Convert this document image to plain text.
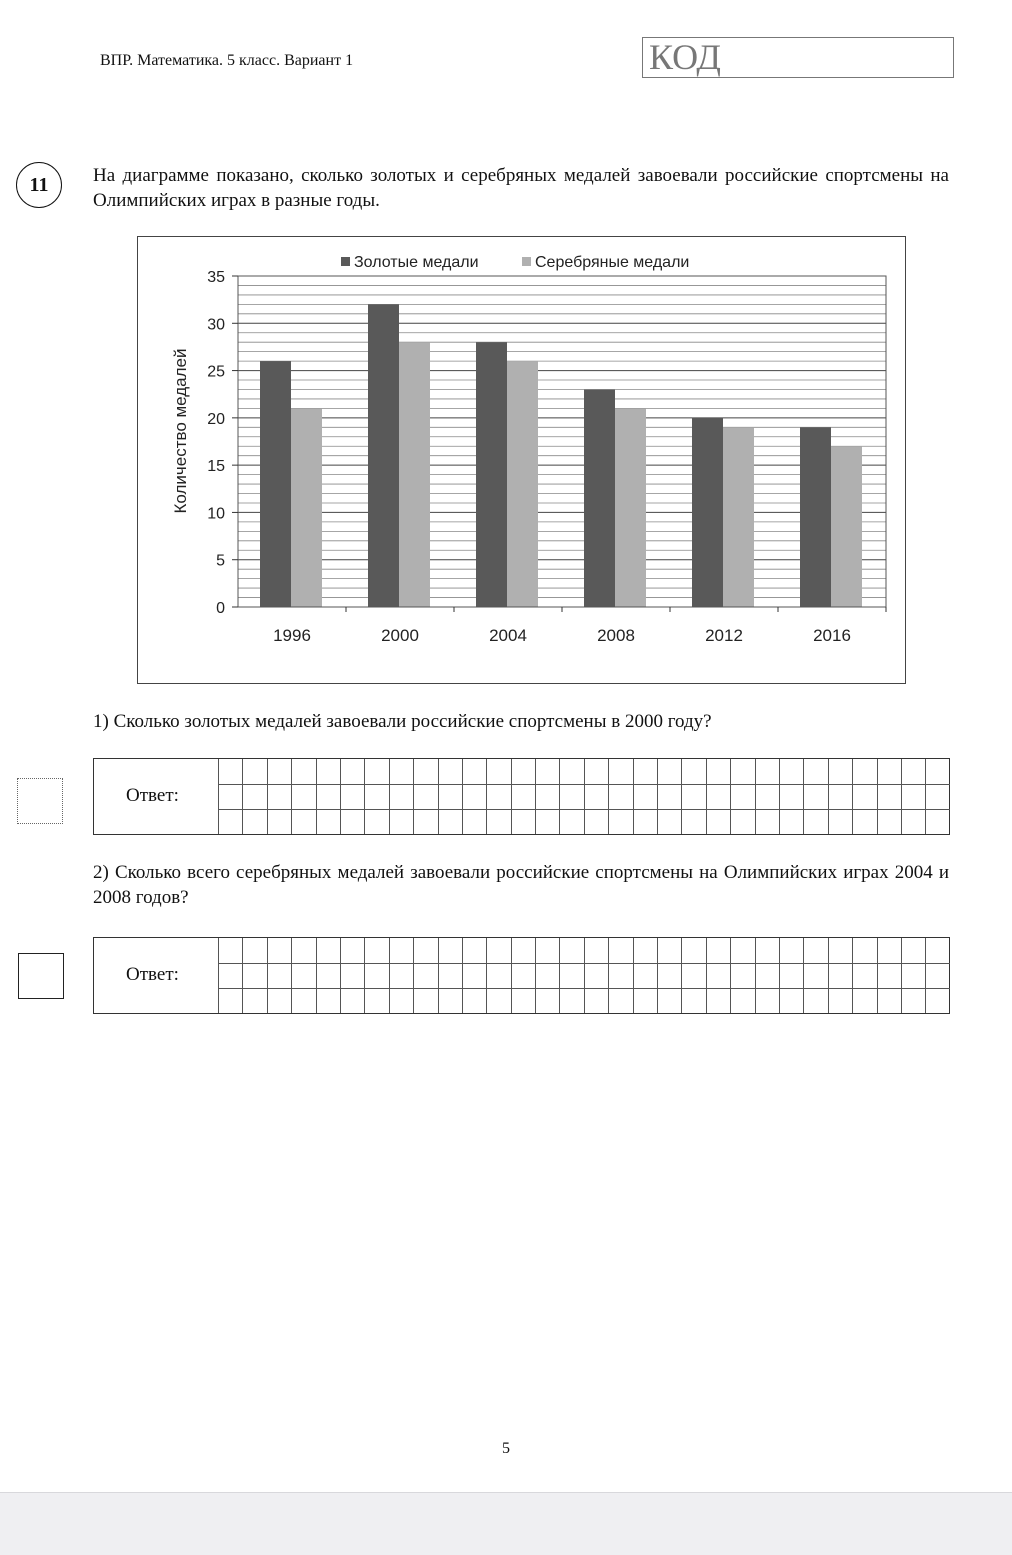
ВПР. Математика. 5 класс. Вариант 1	КОД
11	На диаграмме показано, сколько золотых и серебряных медалей завоевали российские спортсмены на Олимпийских играх в разные годы.
0
5
10
15
20
25
30
35
1996	2000	2004	2008	2012	2016
Золотые медали	Серебряные медали
Количество медалей
1) Сколько золотых медалей завоевали российские спортсмены в 2000 году?
Ответ:
2) Сколько всего серебряных медалей завоевали российские спортсмены на Олимпийских играх 2004 и 2008 годов?
Ответ:
5
